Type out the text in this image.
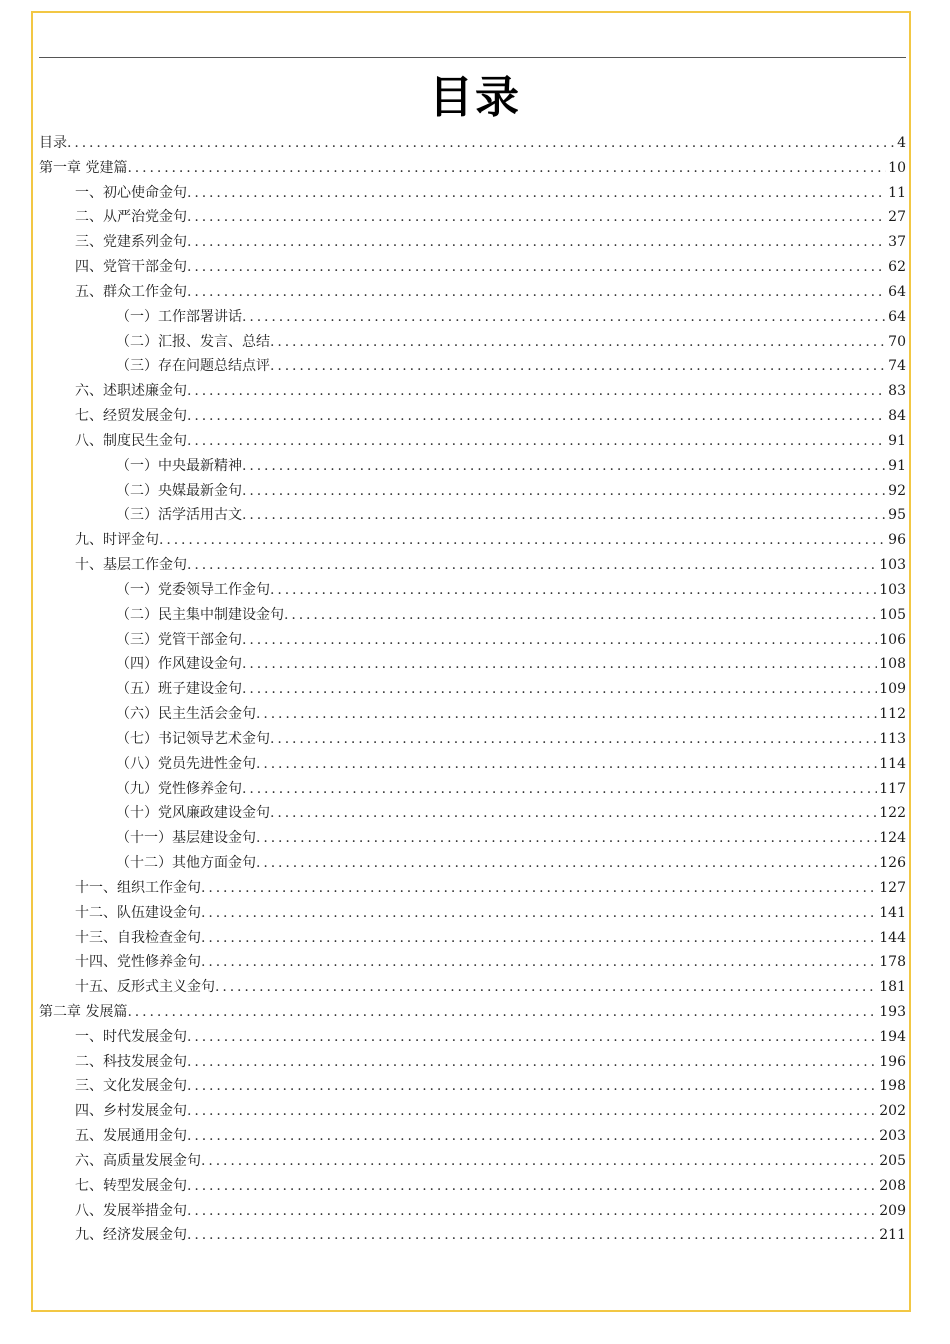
目录
目录 .....	4
第一章 党建篇 .....	10
一、初心使命金句 .....	11
二、从严治党金句 .....	27
三、党建系列金句 .....	37
四、党管干部金句 .....	62
五、群众工作金句 .....	64
（一）工作部署讲话 .....	64
（二）汇报、发言、总结 .....	70
（三）存在问题总结点评 .....	74
六、述职述廉金句 .....	83
七、经贸发展金句 .....	84
八、制度民生金句 .....	91
（一）中央最新精神 .....	91
（二）央媒最新金句 .....	92
（三）活学活用古文 .....	95
九、时评金句 .....	96
十、基层工作金句 .....	103
（一）党委领导工作金句 .....	103
（二）民主集中制建设金句 .....	105
（三）党管干部金句 .....	106
（四）作风建设金句 .....	108
（五）班子建设金句 .....	109
（六）民主生活会金句 .....	112
（七）书记领导艺术金句 .....	113
（八）党员先进性金句 .....	114
（九）党性修养金句 .....	117
（十）党风廉政建设金句 .....	122
（十一）基层建设金句 .....	124
（十二）其他方面金句 .....	126
十一、组织工作金句 .....	127
十二、队伍建设金句 .....	141
十三、自我检查金句 .....	144
十四、党性修养金句 .....	178
十五、反形式主义金句 .....	181
第二章 发展篇 .....	193
一、时代发展金句 .....	194
二、科技发展金句 .....	196
三、文化发展金句 .....	198
四、乡村发展金句 .....	202
五、发展通用金句 .....	203
六、高质量发展金句 .....	205
七、转型发展金句 .....	208
八、发展举措金句 .....	209
九、经济发展金句 .....	211
